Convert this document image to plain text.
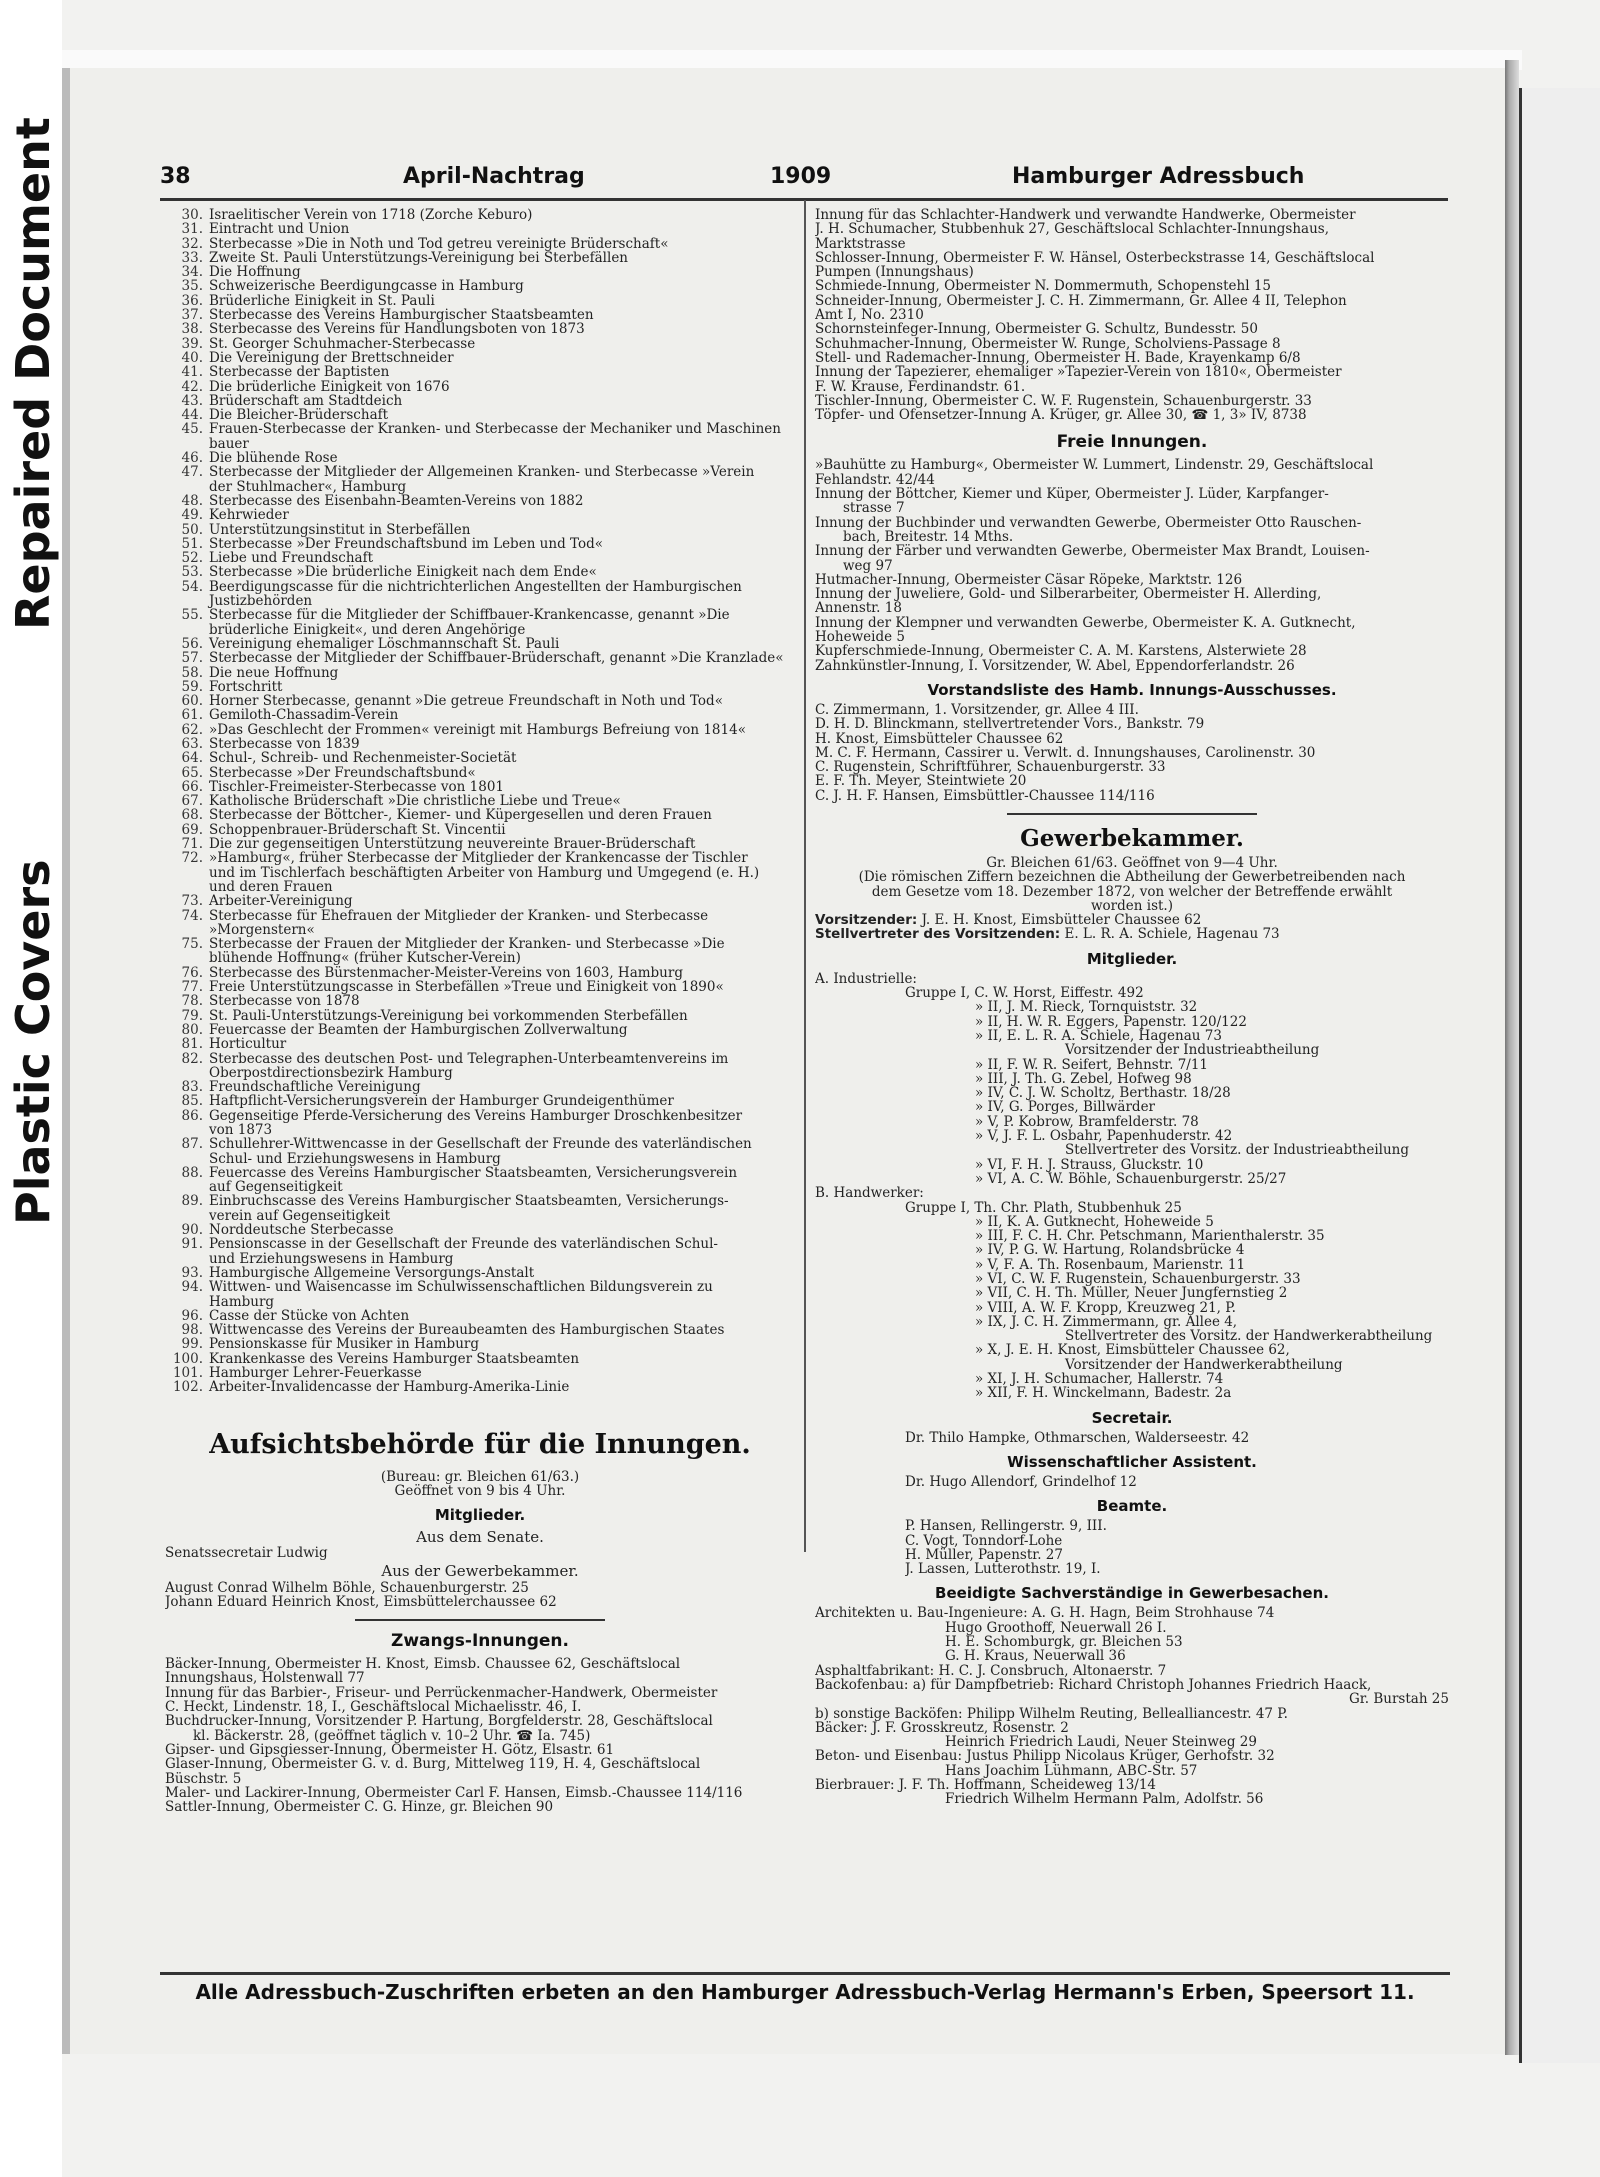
Repaired Document
Plastic Covers
38	April-Nachtrag	1909	Hamburger Adressbuch
30. Israelitischer Verein von 1718 (Zorche Keburo)
31. Eintracht und Union
32. Sterbecasse »Die in Noth und Tod getreu vereinigte Brüderschaft«
33. Zweite St. Pauli Unterstützungs-Vereinigung bei Sterbefällen
34. Die Hoffnung
35. Schweizerische Beerdigungcasse in Hamburg
36. Brüderliche Einigkeit in St. Pauli
37. Sterbecasse des Vereins Hamburgischer Staatsbeamten
38. Sterbecasse des Vereins für Handlungsboten von 1873
39. St. Georger Schuhmacher-Sterbecasse
40. Die Vereinigung der Brettschneider
41. Sterbecasse der Baptisten
42. Die brüderliche Einigkeit von 1676
43. Brüderschaft am Stadtdeich
44. Die Bleicher-Brüderschaft
45. Frauen-Sterbecasse der Kranken- und Sterbecasse der Mechaniker und Maschinen
bauer
46. Die blühende Rose
47. Sterbecasse der Mitglieder der Allgemeinen Kranken- und Sterbecasse »Verein
der Stuhlmacher«, Hamburg
48. Sterbecasse des Eisenbahn-Beamten-Vereins von 1882
49. Kehrwieder
50. Unterstützungsinstitut in Sterbefällen
51. Sterbecasse »Der Freundschaftsbund im Leben und Tod«
52. Liebe und Freundschaft
53. Sterbecasse »Die brüderliche Einigkeit nach dem Ende«
54. Beerdigungscasse für die nichtrichterlichen Angestellten der Hamburgischen
Justizbehörden
55. Sterbecasse für die Mitglieder der Schiffbauer-Krankencasse, genannt »Die
brüderliche Einigkeit«, und deren Angehörige
56. Vereinigung ehemaliger Löschmannschaft St. Pauli
57. Sterbecasse der Mitglieder der Schiffbauer-Brüderschaft, genannt »Die Kranzlade«
58. Die neue Hoffnung
59. Fortschritt
60. Horner Sterbecasse, genannt »Die getreue Freundschaft in Noth und Tod«
61. Gemiloth-Chassadim-Verein
62. »Das Geschlecht der Frommen« vereinigt mit Hamburgs Befreiung von 1814«
63. Sterbecasse von 1839
64. Schul-, Schreib- und Rechenmeister-Societät
65. Sterbecasse »Der Freundschaftsbund«
66. Tischler-Freimeister-Sterbecasse von 1801
67. Katholische Brüderschaft »Die christliche Liebe und Treue«
68. Sterbecasse der Böttcher-, Kiemer- und Küpergesellen und deren Frauen
69. Schoppenbrauer-Brüderschaft St. Vincentii
71. Die zur gegenseitigen Unterstützung neuvereinte Brauer-Brüderschaft
72. »Hamburg«, früher Sterbecasse der Mitglieder der Krankencasse der Tischler
und im Tischlerfach beschäftigten Arbeiter von Hamburg und Umgegend (e. H.)
und deren Frauen
73. Arbeiter-Vereinigung
74. Sterbecasse für Ehefrauen der Mitglieder der Kranken- und Sterbecasse
»Morgenstern«
75. Sterbecasse der Frauen der Mitglieder der Kranken- und Sterbecasse »Die
blühende Hoffnung« (früher Kutscher-Verein)
76. Sterbecasse des Bürstenmacher-Meister-Vereins von 1603, Hamburg
77. Freie Unterstützungscasse in Sterbefällen »Treue und Einigkeit von 1890«
78. Sterbecasse von 1878
79. St. Pauli-Unterstützungs-Vereinigung bei vorkommenden Sterbefällen
80. Feuercasse der Beamten der Hamburgischen Zollverwaltung
81. Horticultur
82. Sterbecasse des deutschen Post- und Telegraphen-Unterbeamtenvereins im
Oberpostdirectionsbezirk Hamburg
83. Freundschaftliche Vereinigung
85. Haftpflicht-Versicherungsverein der Hamburger Grundeigenthümer
86. Gegenseitige Pferde-Versicherung des Vereins Hamburger Droschkenbesitzer
von 1873
87. Schullehrer-Wittwencasse in der Gesellschaft der Freunde des vaterländischen
Schul- und Erziehungswesens in Hamburg
88. Feuercasse des Vereins Hamburgischer Staatsbeamten, Versicherungsverein
auf Gegenseitigkeit
89. Einbruchscasse des Vereins Hamburgischer Staatsbeamten, Versicherungs-
verein auf Gegenseitigkeit
90. Norddeutsche Sterbecasse
91. Pensionscasse in der Gesellschaft der Freunde des vaterländischen Schul-
und Erziehungswesens in Hamburg
93. Hamburgische Allgemeine Versorgungs-Anstalt
94. Wittwen- und Waisencasse im Schulwissenschaftlichen Bildungsverein zu
Hamburg
96. Casse der Stücke von Achten
98. Wittwencasse des Vereins der Bureaubeamten des Hamburgischen Staates
99. Pensionskasse für Musiker in Hamburg
100. Krankenkasse des Vereins Hamburger Staatsbeamten
101. Hamburger Lehrer-Feuerkasse
102. Arbeiter-Invalidencasse der Hamburg-Amerika-Linie
Aufsichtsbehörde für die Innungen.
(Bureau: gr. Bleichen 61/63.)
Geöffnet von 9 bis 4 Uhr.
Mitglieder.
Aus dem Senate.
Senatssecretair Ludwig
Aus der Gewerbekammer.
August Conrad Wilhelm Böhle, Schauenburgerstr. 25
Johann Eduard Heinrich Knost, Eimsbüttelerchaussee 62
Zwangs-Innungen.
Bäcker-Innung, Obermeister H. Knost, Eimsb. Chaussee 62, Geschäftslocal
Innungshaus, Holstenwall 77
Innung für das Barbier-, Friseur- und Perrückenmacher-Handwerk, Obermeister
C. Heckt, Lindenstr. 18, I., Geschäftslocal Michaelisstr. 46, I.
Buchdrucker-Innung, Vorsitzender P. Hartung, Borgfelderstr. 28, Geschäftslocal
kl. Bäckerstr. 28, (geöffnet täglich v. 10–2 Uhr. ☎ Ia. 745)
Gipser- und Gipsgiesser-Innung, Obermeister H. Götz, Elsastr. 61
Glaser-Innung, Obermeister G. v. d. Burg, Mittelweg 119, H. 4, Geschäftslocal
Büschstr. 5
Maler- und Lackirer-Innung, Obermeister Carl F. Hansen, Eimsb.-Chaussee 114/116
Sattler-Innung, Obermeister C. G. Hinze, gr. Bleichen 90
Innung für das Schlachter-Handwerk und verwandte Handwerke, Obermeister
J. H. Schumacher, Stubbenhuk 27, Geschäftslocal Schlachter-Innungshaus,
Marktstrasse
Schlosser-Innung, Obermeister F. W. Hänsel, Osterbeckstrasse 14, Geschäftslocal
Pumpen (Innungshaus)
Schmiede-Innung, Obermeister N. Dommermuth, Schopenstehl 15
Schneider-Innung, Obermeister J. C. H. Zimmermann, Gr. Allee 4 II, Telephon
Amt I, No. 2310
Schornsteinfeger-Innung, Obermeister G. Schultz, Bundesstr. 50
Schuhmacher-Innung, Obermeister W. Runge, Scholviens-Passage 8
Stell- und Rademacher-Innung, Obermeister H. Bade, Krayenkamp 6/8
Innung der Tapezierer, ehemaliger »Tapezier-Verein von 1810«, Obermeister
F. W. Krause, Ferdinandstr. 61.
Tischler-Innung, Obermeister C. W. F. Rugenstein, Schauenburgerstr. 33
Töpfer- und Ofensetzer-Innung A. Krüger, gr. Allee 30, ☎ 1, 3» IV, 8738
Freie Innungen.
»Bauhütte zu Hamburg«, Obermeister W. Lummert, Lindenstr. 29, Geschäftslocal
Fehlandstr. 42/44
Innung der Böttcher, Kiemer und Küper, Obermeister J. Lüder, Karpfanger-
strasse 7
Innung der Buchbinder und verwandten Gewerbe, Obermeister Otto Rauschen-
bach, Breitestr. 14 Mths.
Innung der Färber und verwandten Gewerbe, Obermeister Max Brandt, Louisen-
weg 97
Hutmacher-Innung, Obermeister Cäsar Röpeke, Marktstr. 126
Innung der Juweliere, Gold- und Silberarbeiter, Obermeister H. Allerding,
Annenstr. 18
Innung der Klempner und verwandten Gewerbe, Obermeister K. A. Gutknecht,
Hoheweide 5
Kupferschmiede-Innung, Obermeister C. A. M. Karstens, Alsterwiete 28
Zahnkünstler-Innung, I. Vorsitzender, W. Abel, Eppendorferlandstr. 26
Vorstandsliste des Hamb. Innungs-Ausschusses.
C. Zimmermann, 1. Vorsitzender, gr. Allee 4 III.
D. H. D. Blinckmann, stellvertretender Vors., Bankstr. 79
H. Knost, Eimsbütteler Chaussee 62
M. C. F. Hermann, Cassirer u. Verwlt. d. Innungshauses, Carolinenstr. 30
C. Rugenstein, Schriftführer, Schauenburgerstr. 33
E. F. Th. Meyer, Steintwiete 20
C. J. H. F. Hansen, Eimsbüttler-Chaussee 114/116
Gewerbekammer.
Gr. Bleichen 61/63. Geöffnet von 9—4 Uhr.
(Die römischen Ziffern bezeichnen die Abtheilung der Gewerbetreibenden nach
dem Gesetze vom 18. Dezember 1872, von welcher der Betreffende erwählt
worden ist.)
Vorsitzender: J. E. H. Knost, Eimsbütteler Chaussee 62
Stellvertreter des Vorsitzenden: E. L. R. A. Schiele, Hagenau 73
Mitglieder.
A. Industrielle:
Gruppe I, C. W. Horst, Eiffestr. 492
» II, J. M. Rieck, Tornquiststr. 32
» II, H. W. R. Eggers, Papenstr. 120/122
» II, E. L. R. A. Schiele, Hagenau 73
Vorsitzender der Industrieabtheilung
» II, F. W. R. Seifert, Behnstr. 7/11
» III, J. Th. G. Zebel, Hofweg 98
» IV, C. J. W. Scholtz, Berthastr. 18/28
» IV, G. Porges, Billwärder
» V, P. Kobrow, Bramfelderstr. 78
» V, J. F. L. Osbahr, Papenhuderstr. 42
Stellvertreter des Vorsitz. der Industrieabtheilung
» VI, F. H. J. Strauss, Gluckstr. 10
» VI, A. C. W. Böhle, Schauenburgerstr. 25/27
B. Handwerker:
Gruppe I, Th. Chr. Plath, Stubbenhuk 25
» II, K. A. Gutknecht, Hoheweide 5
» III, F. C. H. Chr. Petschmann, Marienthalerstr. 35
» IV, P. G. W. Hartung, Rolandsbrücke 4
» V, F. A. Th. Rosenbaum, Marienstr. 11
» VI, C. W. F. Rugenstein, Schauenburgerstr. 33
» VII, C. H. Th. Müller, Neuer Jungfernstieg 2
» VIII, A. W. F. Kropp, Kreuzweg 21, P.
» IX, J. C. H. Zimmermann, gr. Allee 4,
Stellvertreter des Vorsitz. der Handwerkerabtheilung
» X, J. E. H. Knost, Eimsbütteler Chaussee 62,
Vorsitzender der Handwerkerabtheilung
» XI, J. H. Schumacher, Hallerstr. 74
» XII, F. H. Winckelmann, Badestr. 2a
Secretair.
Dr. Thilo Hampke, Othmarschen, Walderseestr. 42
Wissenschaftlicher Assistent.
Dr. Hugo Allendorf, Grindelhof 12
Beamte.
P. Hansen, Rellingerstr. 9, III.
C. Vogt, Tonndorf-Lohe
H. Müller, Papenstr. 27
J. Lassen, Lutterothstr. 19, I.
Beeidigte Sachverständige in Gewerbesachen.
Architekten u. Bau-Ingenieure: A. G. H. Hagn, Beim Strohhause 74
Hugo Groothoff, Neuerwall 26 I.
H. E. Schomburgk, gr. Bleichen 53
G. H. Kraus, Neuerwall 36
Asphaltfabrikant: H. C. J. Consbruch, Altonaerstr. 7
Backofenbau: a) für Dampfbetrieb: Richard Christoph Johannes Friedrich Haack,
Gr. Burstah 25
b) sonstige Backöfen: Philipp Wilhelm Reuting, Bellealliancestr. 47 P.
Bäcker: J. F. Grosskreutz, Rosenstr. 2
Heinrich Friedrich Laudi, Neuer Steinweg 29
Beton- und Eisenbau: Justus Philipp Nicolaus Krüger, Gerhofstr. 32
Hans Joachim Lühmann, ABC-Str. 57
Bierbrauer: J. F. Th. Hoffmann, Scheideweg 13/14
Friedrich Wilhelm Hermann Palm, Adolfstr. 56
Alle Adressbuch-Zuschriften erbeten an den Hamburger Adressbuch-Verlag Hermann's Erben, Speersort 11.
